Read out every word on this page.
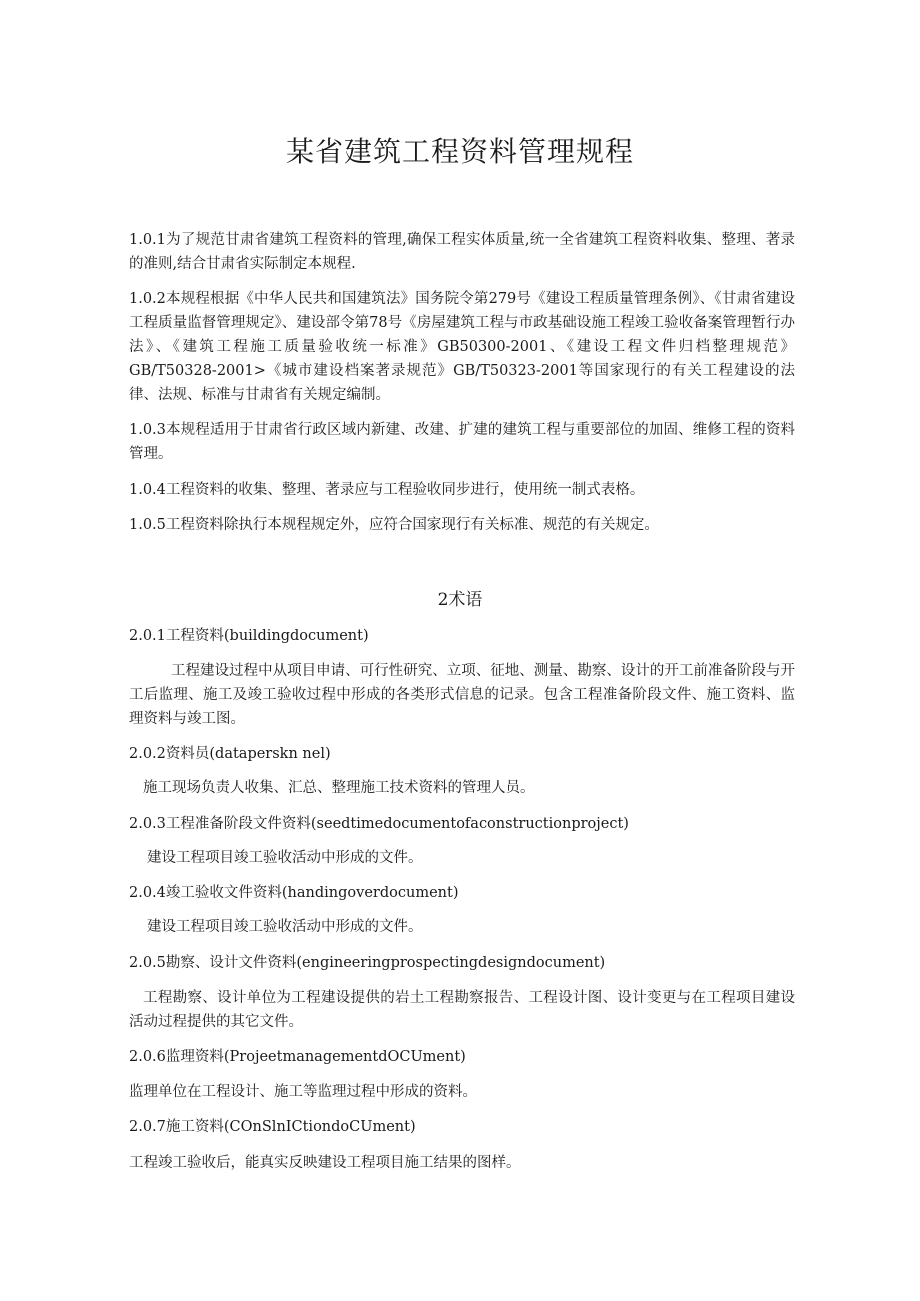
某省建筑工程资料管理规程

1.0.1为了规范甘肃省建筑工程资料的管理,确保工程实体质量,统一全省建筑工程资料收集、整理、著录的准则,结合甘肃省实际制定本规程.

1.0.2本规程根据《中华人民共和国建筑法》国务院令第279号《建设工程质量管理条例》、《甘肃省建设工程质量监督管理规定》、建设部令第78号《房屋建筑工程与市政基础设施工程竣工验收备案管理暂行办法》、《建筑工程施工质量验收统一标准》GB50300-2001、《建设工程文件归档整理规范》GB/T50328-2001>《城市建设档案著录规范》GB/T50323-2001等国家现行的有关工程建设的法律、法规、标准与甘肃省有关规定编制。

1.0.3本规程适用于甘肃省行政区域内新建、改建、扩建的建筑工程与重要部位的加固、维修工程的资料管理。

1.0.4工程资料的收集、整理、著录应与工程验收同步进行，使用统一制式表格。

1.0.5工程资料除执行本规程规定外，应符合国家现行有关标准、规范的有关规定。

2术语

2.0.1工程资料(buildingdocument)

工程建设过程中从项目申请、可行性研究、立项、征地、测量、勘察、设计的开工前准备阶段与开工后监理、施工及竣工验收过程中形成的各类形式信息的记录。包含工程准备阶段文件、施工资料、监理资料与竣工图。

2.0.2资料员(dataperskn nel)

施工现场负责人收集、汇总、整理施工技术资料的管理人员。

2.0.3工程准备阶段文件资料(seedtimedocumentofaconstructionproject)

建设工程项目竣工验收活动中形成的文件。

2.0.4竣工验收文件资料(handingoverdocument)

建设工程项目竣工验收活动中形成的文件。

2.0.5勘察、设计文件资料(engineeringprospectingdesigndocument)

工程勘察、设计单位为工程建设提供的岩土工程勘察报告、工程设计图、设计变更与在工程项目建设活动过程提供的其它文件。

2.0.6监理资料(ProjeetmanagementdOCUment)

监理单位在工程设计、施工等监理过程中形成的资料。

2.0.7施工资料(COnSlnICtiondoCUment)

工程竣工验收后，能真实反映建设工程项目施工结果的图样。
